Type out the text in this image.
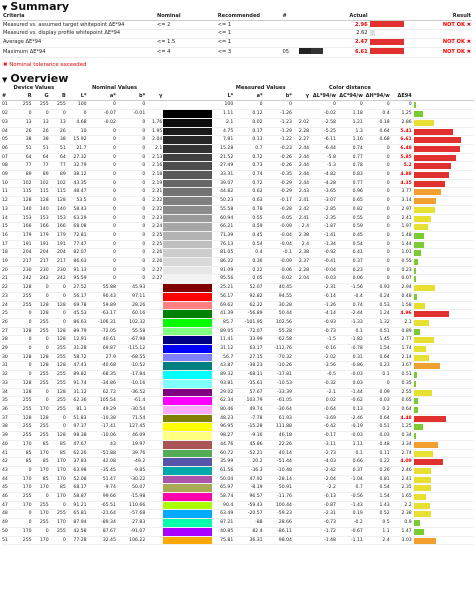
▼ Summary
Criteria	Nominal	Recommended	#		Actual		Result
Measured vs. assumed target whitepoint ΔE*94	<= 2	<= 1			2.96		NOT OK ✖
Measured vs. display profile whitepoint ΔE*94		<= 1			2.62		
Average ΔE*94	<= 1.5	<= 1			2.47		NOT OK ✖
Maximum ΔE*94	<= 4	<= 3	05		6.61		NOT OK ✖
✖ Nominal tolerance exceeded
▼ Overview
Device Values				Nominal Values					Measured Values				Color distance				
#	R	G	B	L*	a*	b*	γ		L*	a*	b*	γ	ΔL*94/w	ΔC*94/w	ΔH*94/w	ΔE94	
01	255	255	255	100	0	0			100	0	0		0	0	0	0	

02	0	0	0	0	-0.07	-0.01			1.11	0.12	-1.26		-0.02	1.18	0.4	1.25	

03	13	13	13	4.68	-0.02	0	1.76		2.1	0.02	-1.23	2.02	-2.58	1.21	0.18	2.86	

04	26	26	26	10	0	0	1.95		4.75	0.17	-1.29	2.28	-5.25	1.3	0.64	5.41	

05	38	38	38	15.92	0	0	2.04		7.81	0.13	-1.22	2.27	-6.11	1.16	0.68	6.61	

06	51	51	51	21.7	0	0	2.1		15.28	0.7	-0.23	2.44	-6.44	0.74	0	6.48	

07	64	64	64	27.32	0	0	2.13		21.52	0.72	-0.26	2.44	-5.8	0.77	0	5.85	

08	77	77	77	32.79	0	0	2.16		27.49	0.73	-0.26	2.44	-5.3	0.78	0	5.2	

09	89	89	89	38.12	0	0	2.18		33.31	0.74	-0.35	2.44	-4.82	0.83	0	4.88	

10	102	102	102	43.35	0	0	2.19		39.07	0.72	-0.29	2.44	-4.28	0.77	0	4.35	

11	115	115	115	48.47	0	0	2.21		44.82	0.62	-0.29	2.43	-3.65	0.96	0	3.77	

12	128	128	128	53.5	0	0	2.22		50.23	0.63	-0.17	2.41	-3.07	0.65	0	3.14	

13	140	140	140	58.43	0	0	2.22		55.58	0.78	-0.28	2.42	-2.85	0.82	0	2.97	

14	153	153	153	63.29	0	0	2.23		60.94	0.55	-0.05	2.41	-2.35	0.55	0	2.41	

15	166	166	166	68.08	0	0	2.24		66.21	0.59	-0.09	2.4	-1.87	0.59	0	1.97	

16	179	179	179	72.81	0	0	2.25		71.39	0.45	-0.04	2.38	-1.41	0.45	0	1.48	

17	191	191	191	77.47	0	0	2.25		76.13	0.54	-0.04	2.4	-1.34	0.54	0	1.44	

18	204	204	204	82.07	0	0	2.26		81.05	0.4	-0.1	2.38	-0.92	0.41	0	1.01	

19	217	217	217	86.63	0	0	2.26		86.22	0.36	-0.09	2.37	-0.41	0.37	0	0.55	

20	230	230	230	91.13	0	0	2.27		91.09	0.22	-0.06	2.28	-0.04	0.23	0	0.23	

21	242	242	242	95.59	0	0	2.27		95.56	0.05	-0.02	2.04	-0.03	0.06	0	0.07	

22	128	0	0	27.52	55.88	45.93			25.21	52.07	40.45		-2.31	-1.56	0.93	2.94	

23	255	0	0	56.17	90.43	97.11			56.17	92.82	94.55		-0.14	-0.4	0.24	0.48	

24	255	128	128	69.78	59.89	28.26			69.62	62.22	30.28		-1.26	0.74	0.53	1.58	

25	0	128	0	45.53	-63.17	60.16			41.39	-56.89	50.44		-4.14	-2.44	1.24	4.96	

26	0	255	0	86.63	-106.31	102.32			85.7	-101.95	102.56		-0.93	-1.33	1.32	2.1	

27	128	255	128	89.79	-72.05	55.58			89.05	-72.07	55.28		-0.73	0.1	0.51	0.89	

28	0	0	128	12.91	40.61	-67.98			11.41	33.99	-62.58		-1.5	-1.82	1.45	2.77	

29	0	0	255	31.28	69.87	-115.12			31.12	63.17	-112.76		-0.16	-0.78	1.54	1.74	

30	128	128	255	58.72	27.9	-68.55			56.7	27.15	-70.32		-2.02	0.31	0.64	2.14	

31	0	128	128	47.43	-40.68	-10.52			43.87	-38.23	-10.26		-3.56	-0.86	0.23	3.67	

32	0	255	255	89.82	-68.35	-17.84			89.32	-68.11	-17.81		-0.5	-0.03	0.1	0.51	

33	128	255	255	91.74	-34.86	-10.16			93.81	-35.61	-10.53		-0.32	0.03	0	0.35	

34	128	0	128	31.12	62.72	-36.52			29.02	57.67	-33.39		-2.1	-1.44	0.09	2.55	

35	255	0	255	62.36	105.54	-61.4			62.34	103.79	-61.05		0.02	-0.62	0.03	0.65	

36	255	170	255	81.1	49.29	-30.54			80.46	49.74	-30.64		-0.64	0.13	0.2	0.64	

37	128	128	0	51.83	-10.38	71.54			48.23	-7.78	61.93		-3.69	-2.46	0.64	4.48	

38	255	255	0	97.37	-17.41	127.45			96.95	-15.28	111.88		-0.42	-0.19	0.51	1.25	

39	255	255	128	98.38	-10.06	46.09			98.27	-9.16	46.18		-0.17	-0.03	0.03	0.34	

40	170	85	85	47.67	43	19.97			44.76	45.86	22.26		-3.11	1.11	0.48	3.34	

41	85	170	85	62.26	-51.88	39.76			60.72	-52.21	40.14		-2.73	0.1	0.11	2.74	

42	85	85	170	37.83	42.08	-49.2			35.99	20.2	-51.44		-4.03	0.66	0.22	4.09	

43	0	170	170	63.98	-35.45	-9.85			61.56	-36.3	-10.48		-2.42	0.37	0.26	2.46	

44	170	85	170	52.08	51.47	-30.22			50.04	47.92	-28.14		-2.04	-1.04	0.81	2.41	

45	170	170	85	68.17	-9.74	50.07			65.97	-8.19	50.91		-2.2	0.7	0.54	2.35	

46	255	0	170	58.87	99.66	-15.98			58.74	96.57	-11.76		-0.13	-0.56	1.54	1.65	

47	170	255	0	91.21	-65.51	110.66			90.4	-59.43	100.44		-0.87	-1.43	1.43	2.2	

48	0	170	255	65.81	-21.64	-57.68			63.49	-20.57	-59.23		-2.31	0.19	0.52	2.38	

49	0	255	170	87.94	-89.34	27.83			87.21	-88	28.66		-0.73	-0.2	0.5	0.9	

50	170	0	255	42.58	87.67	-91.07			40.85	82.4	-86.11		-1.72	-0.67	1.1	1.47	

51	255	170	0	77.28	32.45	106.22			75.81	36.31	98.04		-1.48	-1.11	2.4	3.03	
